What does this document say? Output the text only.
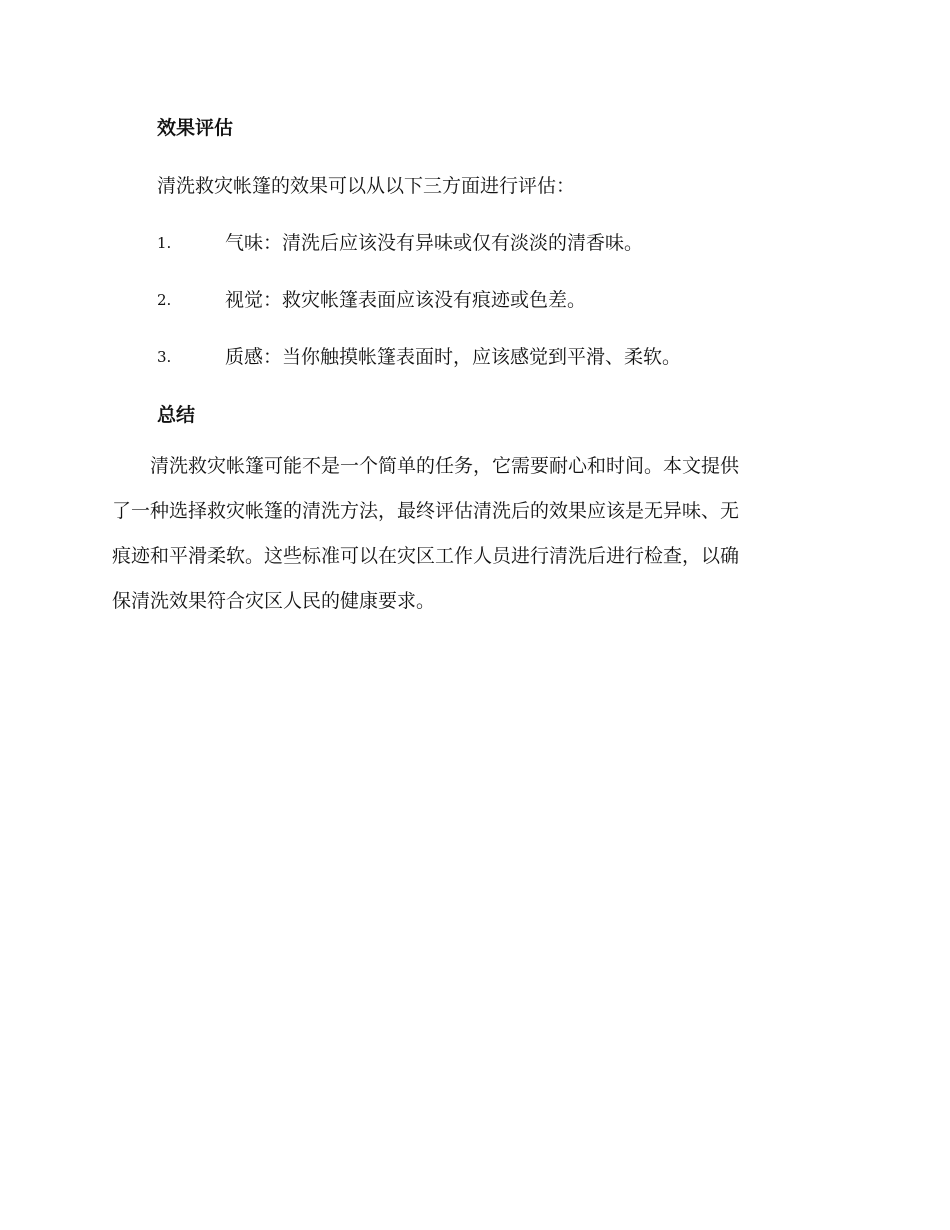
效果评估
清洗救灾帐篷的效果可以从以下三方面进行评估：
1.	气味：清洗后应该没有异味或仅有淡淡的清香味。
2.	视觉：救灾帐篷表面应该没有痕迹或色差。
3.	质感：当你触摸帐篷表面时，应该感觉到平滑、柔软。
总结
　　清洗救灾帐篷可能不是一个简单的任务，它需要耐心和时间。本文提供
了一种选择救灾帐篷的清洗方法，最终评估清洗后的效果应该是无异味、无
痕迹和平滑柔软。这些标准可以在灾区工作人员进行清洗后进行检查，以确
保清洗效果符合灾区人民的健康要求。
